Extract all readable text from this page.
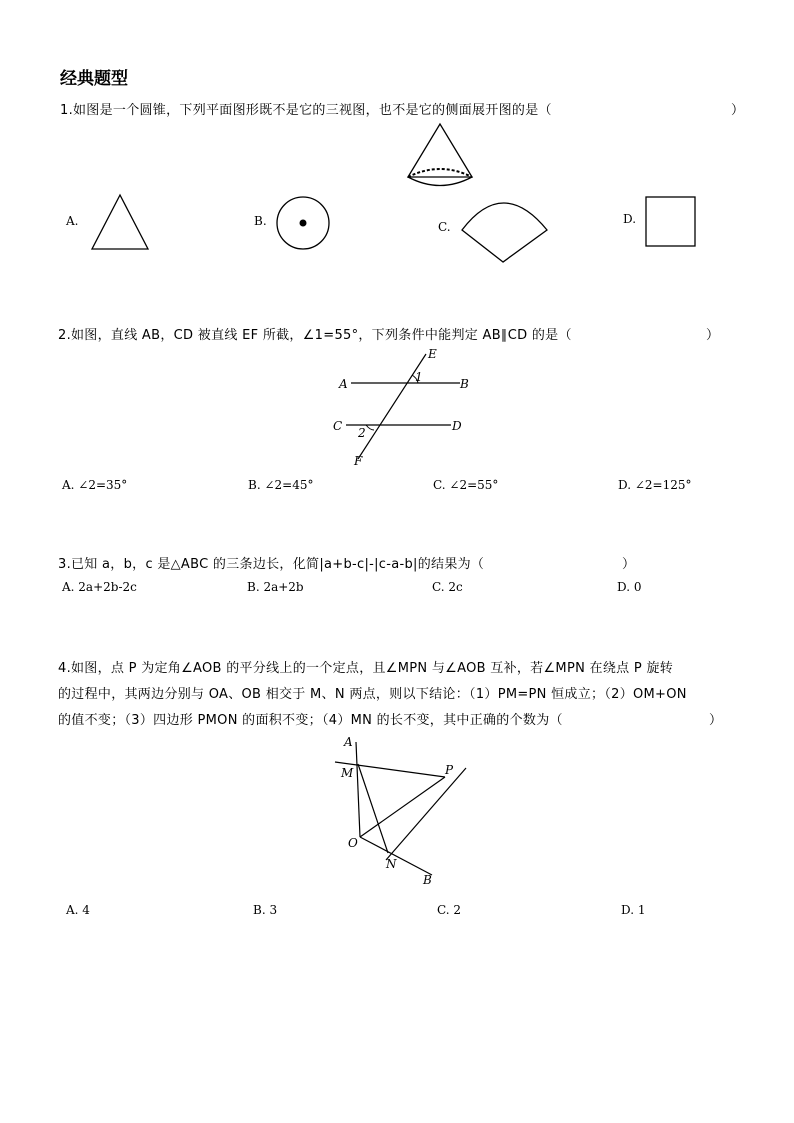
经典题型
1.如图是一个圆锥，下列平面图形既不是它的三视图，也不是它的侧面展开图的是（	）
A.	B.	C.
D.
2.如图，直线 AB，CD 被直线 EF 所截，∠1=55°，下列条件中能判定 AB∥CD 的是（	）
E
A	B
1
C	D
2
F
A. ∠2=35°	B. ∠2=45°	C. ∠2=55°	D. ∠2=125°
3.已知 a，b，c 是△ABC 的三条边长，化简|a+b-c|-|c-a-b|的结果为（	）
A. 2a+2b-2c	B. 2a+2b	C. 2c	D. 0
4.如图，点 P 为定角∠AOB 的平分线上的一个定点，且∠MPN 与∠AOB 互补，若∠MPN 在绕点 P 旋转
的过程中，其两边分别与 OA、OB 相交于 M、N 两点，则以下结论：（1）PM=PN 恒成立；（2）OM+ON
的值不变；（3）四边形 PMON 的面积不变；（4）MN 的长不变，其中正确的个数为（	）
A
M	P
O
N
B
A. 4	B. 3	C. 2	D. 1
